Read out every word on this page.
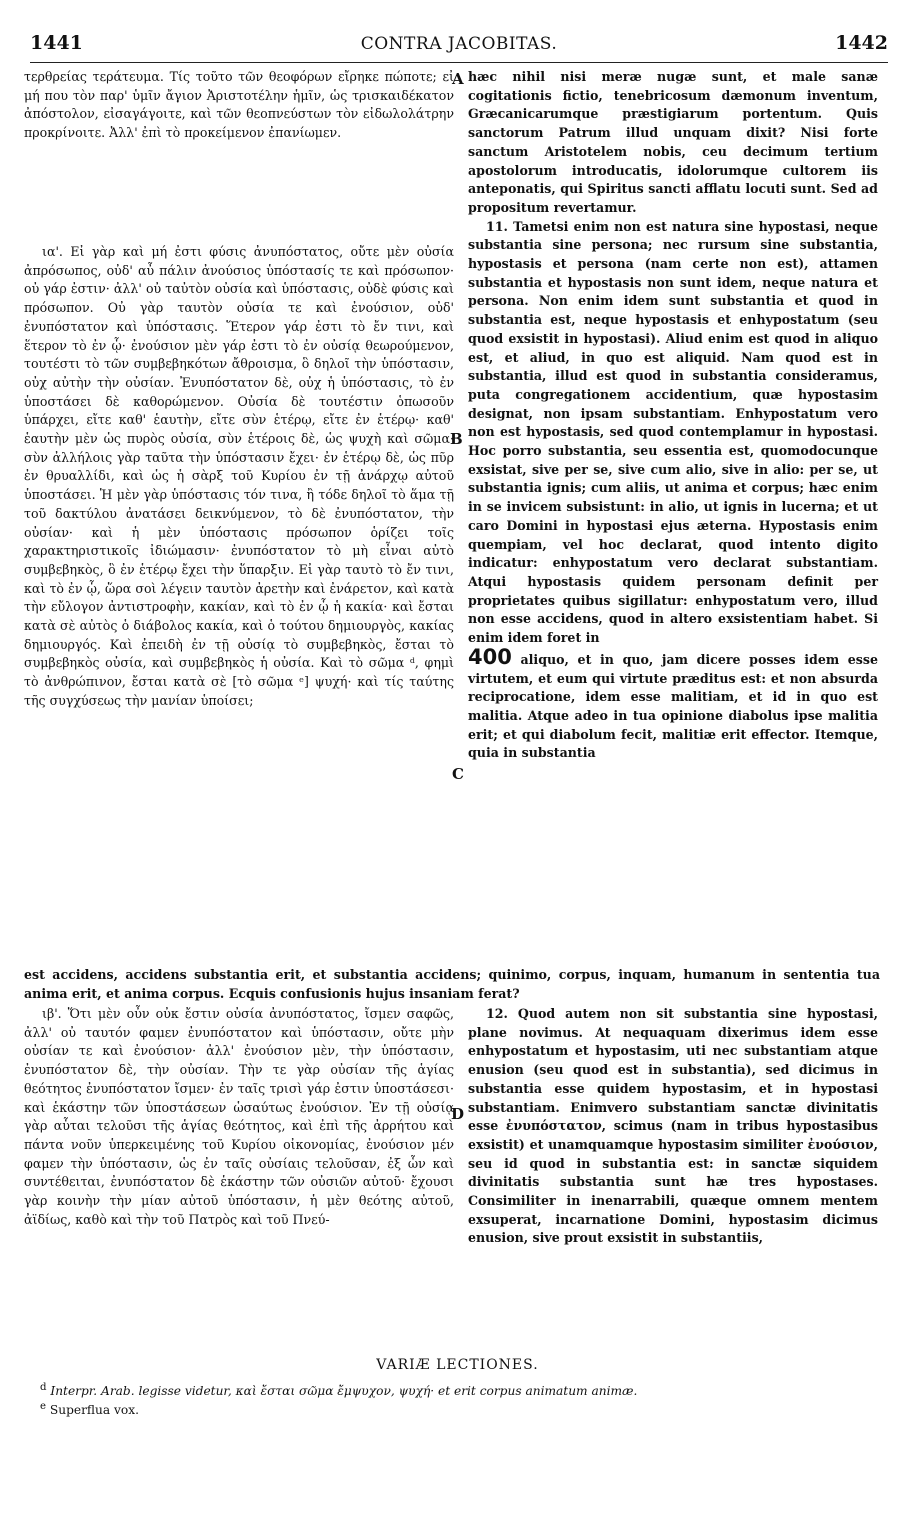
1441	CONTRA JACOBITAS.	1442

τερθρείας τεράτευμα. Τίς τοῦτο τῶν θεοφόρων εἴρηκε πώποτε; εἰ μή που τὸν παρ' ὑμῖν ἄγιον Ἀριστοτέλην ἡμῖν, ὡς τρισκαιδέκατον ἀπόστολον, εἰσαγάγοιτε, καὶ τῶν θεοπνεύστων τὸν εἰδωλολάτρην προκρίνοιτε. Ἀλλ' ἐπὶ τὸ προκείμενον ἐπανίωμεν.

ια'. Εἰ γὰρ καὶ μή ἐστι φύσις ἀνυπόστατος, οὔτε μὲν οὐσία ἀπρόσωπος, οὐδ' αὖ πάλιν ἀνούσιος ὑπόστασίς τε καὶ πρόσωπον· οὐ γάρ ἐστιν· ἀλλ' οὐ ταὐτὸν οὐσία καὶ ὑπόστασις, οὐδὲ φύσις καὶ πρόσωπον. Οὐ γὰρ ταυτὸν οὐσία τε καὶ ἐνούσιον, οὐδ' ἐνυπόστατον καὶ ὑπόστασις. Ἕτερον γάρ ἐστι τὸ ἔν τινι, καὶ ἕτερον τὸ ἐν ᾧ· ἐνούσιον μὲν γάρ ἐστι τὸ ἐν οὐσίᾳ θεωρούμενον, τουτέστι τὸ τῶν συμβεβηκότων ἄθροισμα, ὃ δηλοῖ τὴν ὑπόστασιν, οὐχ αὐτὴν τὴν οὐσίαν. Ἐνυπόστατον δὲ, οὐχ ἡ ὑπόστασις, τὸ ἐν ὑποστάσει δὲ καθορώμενον. Οὐσία δὲ τουτέστιν ὁπωσοῦν ὑπάρχει, εἴτε καθ' ἑαυτὴν, εἴτε σὺν ἑτέρῳ, εἴτε ἐν ἑτέρῳ· καθ' ἑαυτὴν μὲν ὡς πυρὸς οὐσία, σὺν ἑτέροις δὲ, ὡς ψυχὴ καὶ σῶμα· σὺν ἀλλήλοις γὰρ ταῦτα τὴν ὑπόστασιν ἔχει· ἐν ἑτέρῳ δὲ, ὡς πῦρ ἐν θρυαλλίδι, καὶ ὡς ἡ σὰρξ τοῦ Κυρίου ἐν τῇ ἀνάρχῳ αὐτοῦ ὑποστάσει. Ἡ μὲν γὰρ ὑπόστασις τόν τινα, ἢ τόδε δηλοῖ τὸ ἅμα τῇ τοῦ δακτύλου ἀνατάσει δεικνύμενον, τὸ δὲ ἐνυπόστατον, τὴν οὐσίαν· καὶ ἡ μὲν ὑπόστασις πρόσωπον ὁρίζει τοῖς χαρακτηριστικοῖς ἰδιώμασιν· ἐνυπόστατον τὸ μὴ εἶναι αὐτὸ συμβεβηκὸς, ὃ ἐν ἑτέρῳ ἔχει τὴν ὕπαρξιν. Εἰ γὰρ ταυτὸ τὸ ἔν τινι, καὶ τὸ ἐν ᾧ, ὥρα σοὶ λέγειν ταυτὸν ἀρετὴν καὶ ἐνάρετον, καὶ κατὰ τὴν εὔλογον ἀντιστροφὴν, κακίαν, καὶ τὸ ἐν ᾧ ἡ κακία· καὶ ἔσται κατὰ σὲ αὐτὸς ὁ διάβολος κακία, καὶ ὁ τούτου δημιουργὸς, κακίας δημιουργός. Καὶ ἐπειδὴ ἐν τῇ οὐσίᾳ τὸ συμβεβηκὸς, ἔσται τὸ συμβεβηκὸς οὐσία, καὶ συμβεβηκὸς ἡ οὐσία. Καὶ τὸ σῶμα ᵈ, φημὶ τὸ ἀνθρώπινον, ἔσται κατὰ σὲ [τὸ σῶμα ᵉ] ψυχή· καὶ τίς ταύτης τῆς συγχύσεως τὴν μανίαν ὑποίσει;

ιβ'. Ὅτι μὲν οὖν οὐκ ἔστιν οὐσία ἀνυπόστατος, ἴσμεν σαφῶς, ἀλλ' οὐ ταυτόν φαμεν ἐνυπόστατον καὶ ὑπόστασιν, οὔτε μὴν οὐσίαν τε καὶ ἐνούσιον· ἀλλ' ἐνούσιον μὲν, τὴν ὑπόστασιν, ἐνυπόστατον δὲ, τὴν οὐσίαν. Τὴν τε γὰρ οὐσίαν τῆς ἁγίας θεότητος ἐνυπόστατον ἴσμεν· ἐν ταῖς τρισὶ γάρ ἐστιν ὑποστάσεσι· καὶ ἑκάστην τῶν ὑποστάσεων ὡσαύτως ἐνούσιον. Ἐν τῇ οὐσίᾳ γὰρ αὗται τελοῦσι τῆς ἁγίας θεότητος, καὶ ἐπὶ τῆς ἀρρήτου καὶ πάντα νοῦν ὑπερκειμένης τοῦ Κυρίου οἰκονομίας, ἐνούσιον μέν φαμεν τὴν ὑπόστασιν, ὡς ἐν ταῖς οὐσίαις τελοῦσαν, ἐξ ὧν καὶ συντέθειται, ἐνυπόστατον δὲ ἑκάστην τῶν οὐσιῶν αὐτοῦ· ἔχουσι γὰρ κοινὴν τὴν μίαν αὐτοῦ ὑπόστασιν, ἡ μὲν θεότης αὐτοῦ, ἀϊδίως, καθὸ καὶ τὴν τοῦ Πατρὸς καὶ τοῦ Πνεύ-

A
B
C
D

hæc nihil nisi meræ nugæ sunt, et male sanæ cogitationis fictio, tenebricosum dæmonum inventum, Græcanicarumque præstigiarum portentum. Quis sanctorum Patrum illud unquam dixit? Nisi forte sanctum Aristotelem nobis, ceu decimum tertium apostolorum introducatis, idolorumque cultorem iis anteponatis, qui Spiritus sancti afflatu locuti sunt. Sed ad propositum revertamur.

11. Tametsi enim non est natura sine hypostasi, neque substantia sine persona; nec rursum sine substantia, hypostasis et persona (nam certe non est), attamen substantia et hypostasis non sunt idem, neque natura et persona. Non enim idem sunt substantia et quod in substantia est, neque hypostasis et enhypostatum (seu quod exsistit in hypostasi). Aliud enim est quod in aliquo est, et aliud, in quo est aliquid. Nam quod est in substantia, illud est quod in substantia consideramus, puta congregationem accidentium, quæ hypostasim designat, non ipsam substantiam. Enhypostatum vero non est hypostasis, sed quod contemplamur in hypostasi. Hoc porro substantia, seu essentia est, quomodocunque exsistat, sive per se, sive cum alio, sive in alio: per se, ut substantia ignis; cum aliis, ut anima et corpus; hæc enim in se invicem subsistunt: in alio, ut ignis in lucerna; et ut caro Domini in hypostasi ejus æterna. Hypostasis enim quempiam, vel hoc declarat, quod intento digito indicatur: enhypostatum vero declarat substantiam. Atqui hypostasis quidem personam definit per proprietates quibus sigillatur: enhypostatum vero, illud non esse accidens, quod in altero exsistentiam habet. Si enim idem foret in

400 aliquo, et in quo, jam dicere posses idem esse virtutem, et eum qui virtute præditus est: et non absurda reciprocatione, idem esse malitiam, et id in quo est malitia. Atque adeo in tua opinione diabolus ipse malitia erit; et qui diabolum fecit, malitiæ erit effector. Itemque, quia in substantia

est accidens, accidens substantia erit, et substantia accidens; quinimo, corpus, inquam, humanum in sententia tua anima erit, et anima corpus. Ecquis confusionis hujus insaniam ferat?

12. Quod autem non sit substantia sine hypostasi, plane novimus. At nequaquam dixerimus idem esse enhypostatum et hypostasim, uti nec substantiam atque enusion (seu quod est in substantia), sed dicimus in substantia esse quidem hypostasim, et in hypostasi substantiam. Enimvero substantiam sanctæ divinitatis esse ἐνυπόστατον, scimus (nam in tribus hypostasibus exsistit) et unamquamque hypostasim similiter ἐνούσιον, seu id quod in substantia est: in sanctæ siquidem divinitatis substantia sunt hæ tres hypostases. Consimiliter in inenarrabili, quæque omnem mentem exsuperat, incarnatione Domini, hypostasim dicimus enusion, sive prout exsistit in substantiis,

VARIÆ LECTIONES.
$^d$ Interpr. Arab. legisse videtur, καὶ ἔσται σῶμα ἔμψυχον, ψυχή· et erit corpus animatum animæ.
$^e$ Superflua vox.
